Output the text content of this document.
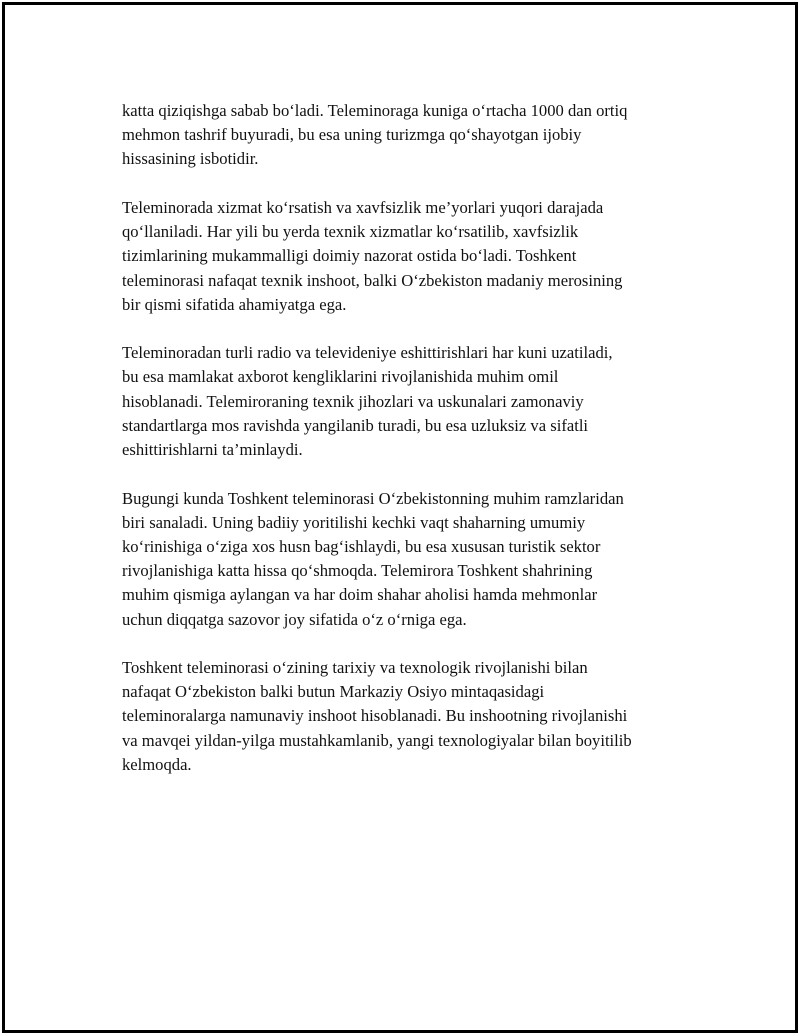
katta qiziqishga sabab bo‘ladi. Teleminoraga kuniga o‘rtacha 1000 dan ortiq
mehmon tashrif buyuradi, bu esa uning turizmga qo‘shayotgan ijobiy
hissasining isbotidir.

Teleminorada xizmat ko‘rsatish va xavfsizlik me’yorlari yuqori darajada
qo‘llaniladi. Har yili bu yerda texnik xizmatlar ko‘rsatilib, xavfsizlik
tizimlarining mukammalligi doimiy nazorat ostida bo‘ladi. Toshkent
teleminorasi nafaqat texnik inshoot, balki O‘zbekiston madaniy merosining
bir qismi sifatida ahamiyatga ega.

Teleminoradan turli radio va televideniye eshittirishlari har kuni uzatiladi,
bu esa mamlakat axborot kengliklarini rivojlanishida muhim omil
hisoblanadi. Telemiroraning texnik jihozlari va uskunalari zamonaviy
standartlarga mos ravishda yangilanib turadi, bu esa uzluksiz va sifatli
eshittirishlarni ta’minlaydi.

Bugungi kunda Toshkent teleminorasi O‘zbekistonning muhim ramzlaridan
biri sanaladi. Uning badiiy yoritilishi kechki vaqt shaharning umumiy
ko‘rinishiga o‘ziga xos husn bag‘ishlaydi, bu esa xususan turistik sektor
rivojlanishiga katta hissa qo‘shmoqda. Telemirora Toshkent shahrining
muhim qismiga aylangan va har doim shahar aholisi hamda mehmonlar
uchun diqqatga sazovor joy sifatida o‘z o‘rniga ega.

Toshkent teleminorasi o‘zining tarixiy va texnologik rivojlanishi bilan
nafaqat O‘zbekiston balki butun Markaziy Osiyo mintaqasidagi
teleminoralarga namunaviy inshoot hisoblanadi. Bu inshootning rivojlanishi
va mavqei yildan-yilga mustahkamlanib, yangi texnologiyalar bilan boyitilib
kelmoqda.
